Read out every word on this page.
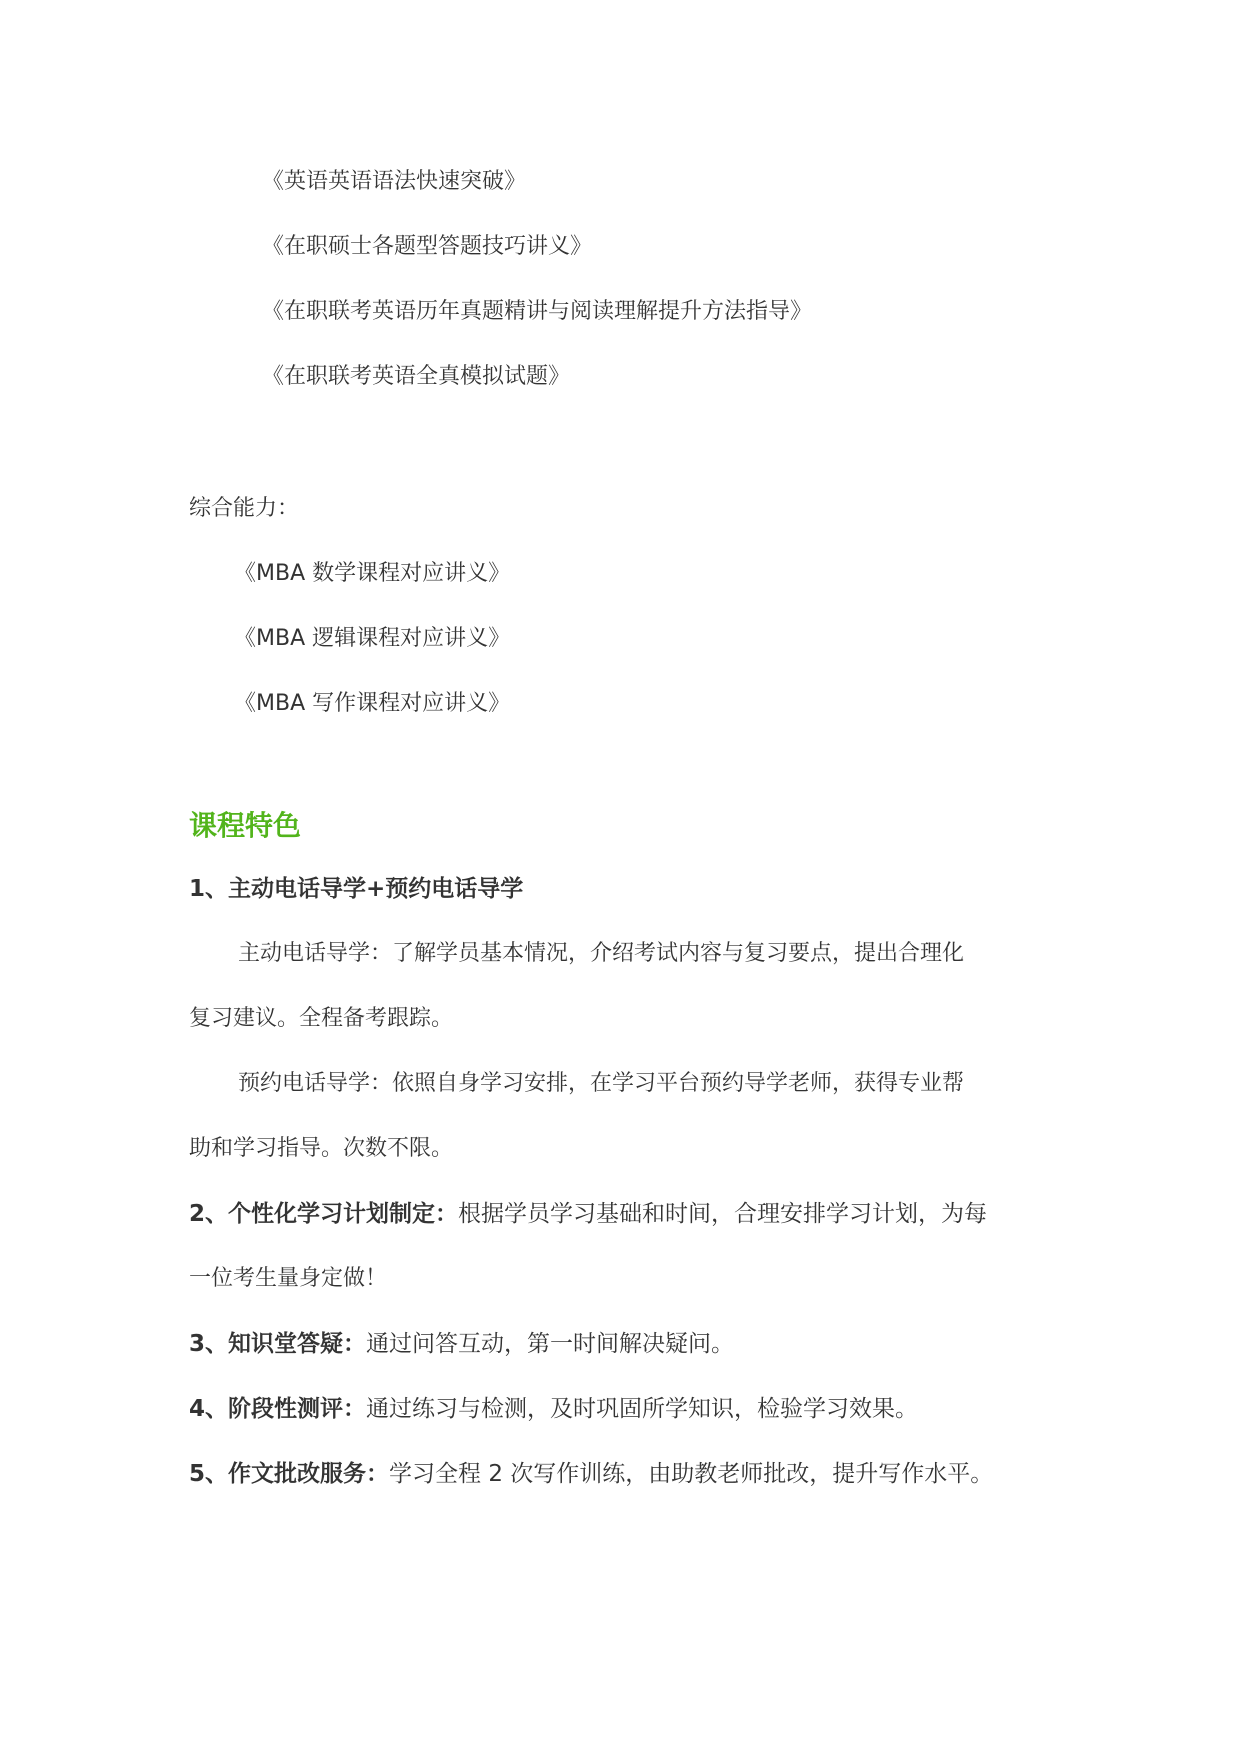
《英语英语语法快速突破》
《在职硕士各题型答题技巧讲义》
《在职联考英语历年真题精讲与阅读理解提升方法指导》
《在职联考英语全真模拟试题》
综合能力：
《MBA 数学课程对应讲义》
《MBA 逻辑课程对应讲义》
《MBA 写作课程对应讲义》
课程特色
1、主动电话导学+预约电话导学
主动电话导学：了解学员基本情况，介绍考试内容与复习要点，提出合理化
复习建议。全程备考跟踪。
预约电话导学：依照自身学习安排，在学习平台预约导学老师，获得专业帮
助和学习指导。次数不限。
2、个性化学习计划制定：根据学员学习基础和时间，合理安排学习计划，为每
一位考生量身定做！
3、知识堂答疑：通过问答互动，第一时间解决疑问。
4、阶段性测评：通过练习与检测，及时巩固所学知识，检验学习效果。
5、作文批改服务：学习全程 2 次写作训练，由助教老师批改，提升写作水平。
